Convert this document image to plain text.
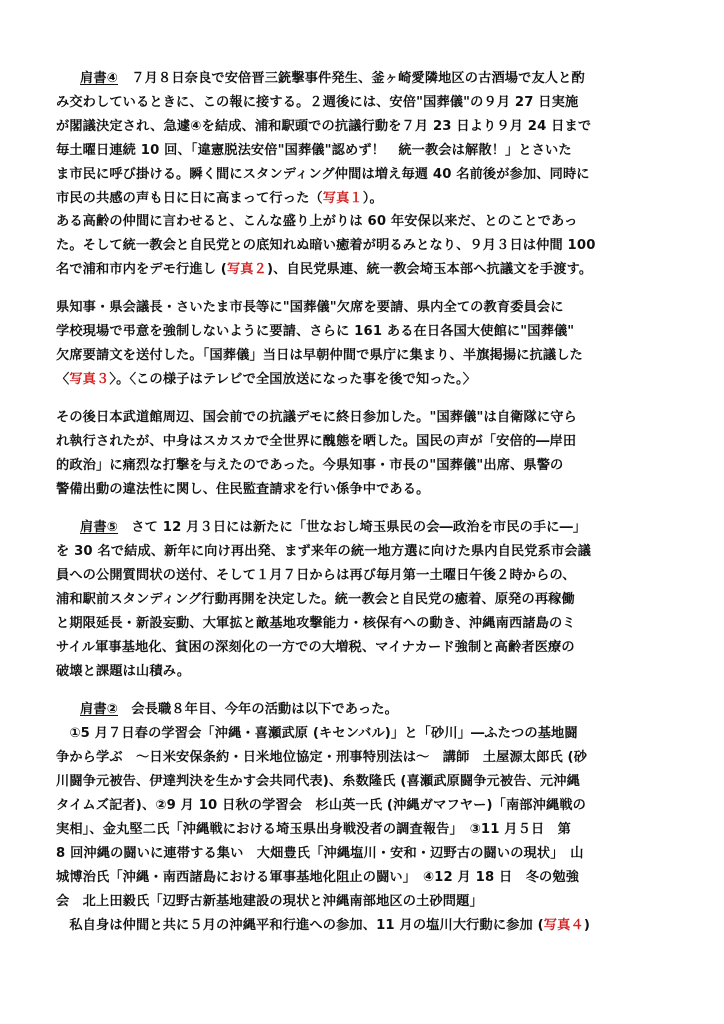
肩書④　７月８日奈良で安倍晋三銃撃事件発生、釜ヶ崎愛隣地区の古酒場で友人と酌
み交わしているときに、この報に接する。２週後には、安倍"国葬儀"の９月 27 日実施
が閣議決定され、急遽④を結成、浦和駅頭での抗議行動を７月 23 日より９月 24 日まで
毎土曜日連続 10 回、「違憲脱法安倍"国葬儀"認めず！　統一教会は解散！」とさいた
ま市民に呼び掛ける。瞬く間にスタンディング仲間は増え毎週 40 名前後が参加、同時に
市民の共感の声も日に日に高まって行った（写真１）。
ある高齢の仲間に言わせると、こんな盛り上がりは 60 年安保以来だ、とのことであっ
た。そして統一教会と自民党との底知れぬ暗い癒着が明るみとなり、９月３日は仲間 100
名で浦和市内をデモ行進し (写真２)、自民党県連、統一教会埼玉本部へ抗議文を手渡す。
県知事・県会議長・さいたま市長等に"国葬儀"欠席を要請、県内全ての教育委員会に
学校現場で弔意を強制しないように要請、さらに 161 ある在日各国大使館に"国葬儀"
欠席要請文を送付した。「国葬儀」当日は早朝仲間で県庁に集まり、半旗掲揚に抗議した
〈写真３〉。〈この様子はテレビで全国放送になった事を後で知った。〉
その後日本武道館周辺、国会前での抗議デモに終日参加した。"国葬儀"は自衛隊に守ら
れ執行されたが、中身はスカスカで全世界に醜態を晒した。国民の声が「安倍的―岸田
的政治」に痛烈な打撃を与えたのであった。今県知事・市長の"国葬儀"出席、県警の
警備出動の違法性に関し、住民監査請求を行い係争中である。
肩書⑤　さて 12 月３日には新たに「世なおし埼玉県民の会―政治を市民の手に―」
を 30 名で結成、新年に向け再出発、まず来年の統一地方選に向けた県内自民党系市会議
員への公開質問状の送付、そして１月７日からは再び毎月第一土曜日午後２時からの、
浦和駅前スタンディング行動再開を決定した。統一教会と自民党の癒着、原発の再稼働
と期限延長・新設妄動、大軍拡と敵基地攻撃能力・核保有への動き、沖縄南西諸島のミ
サイル軍事基地化、貧困の深刻化の一方での大増税、マイナカード強制と高齢者医療の
破壊と課題は山積み。
肩書②　会長職８年目、今年の活動は以下であった。
　①5 月７日春の学習会「沖縄・喜瀬武原 (キセンバル)」と「砂川」―ふたつの基地闘
争から学ぶ　～日米安保条約・日米地位協定・刑事特別法は～　講師　土屋源太郎氏 (砂
川闘争元被告、伊達判決を生かす会共同代表)、糸数隆氏 (喜瀬武原闘争元被告、元沖縄
タイムズ記者)、②9 月 10 日秋の学習会　杉山英一氏 (沖縄ガマフヤー)「南部沖縄戦の
実相」、金丸堅二氏「沖縄戦における埼玉県出身戦没者の調査報告」　③11 月５日　第
8 回沖縄の闘いに連帯する集い　大畑豊氏「沖縄塩川・安和・辺野古の闘いの現状」　山
城博治氏「沖縄・南西諸島における軍事基地化阻止の闘い」　④12 月 18 日　冬の勉強
会　北上田毅氏「辺野古新基地建設の現状と沖縄南部地区の土砂問題」
　私自身は仲間と共に５月の沖縄平和行進への参加、11 月の塩川大行動に参加 (写真４)
